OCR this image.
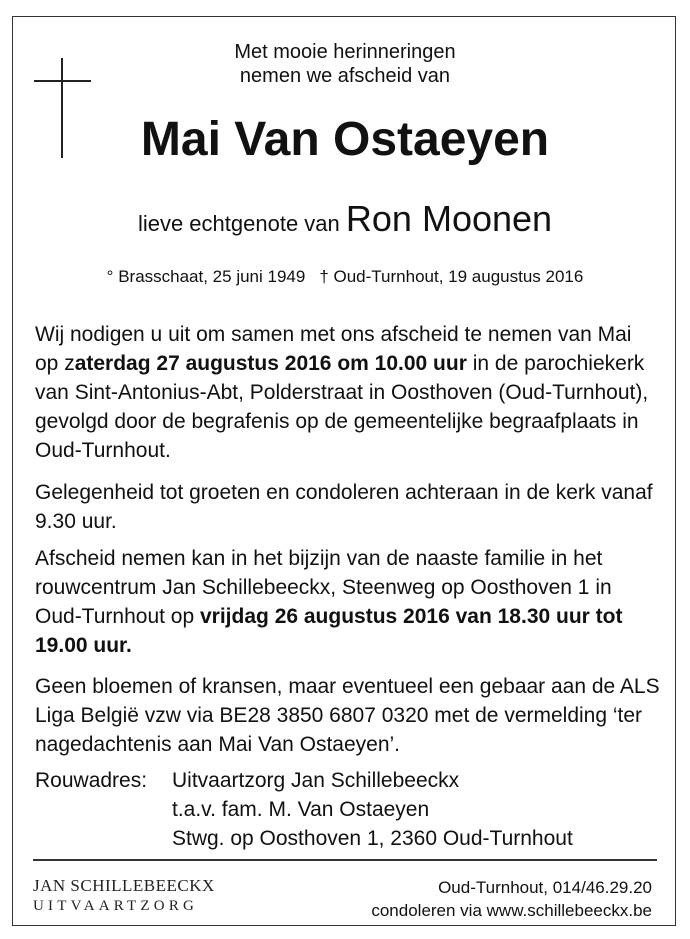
Met mooie herinneringen
nemen we afscheid van
Mai Van Ostaeyen
lieve echtgenote van Ron Moonen
° Brasschaat, 25 juni 1949 † Oud-Turnhout, 19 augustus 2016
Wij nodigen u uit om samen met ons afscheid te nemen van Mai op zaterdag 27 augustus 2016 om 10.00 uur in de parochiekerk van Sint-Antonius-Abt, Polderstraat in Oosthoven (Oud-Turnhout), gevolgd door de begrafenis op de gemeentelijke begraafplaats in Oud-Turnhout.
Gelegenheid tot groeten en condoleren achteraan in de kerk vanaf 9.30 uur.
Afscheid nemen kan in het bijzijn van de naaste familie in het rouwcentrum Jan Schillebeeckx, Steenweg op Oosthoven 1 in Oud-Turnhout op vrijdag 26 augustus 2016 van 18.30 uur tot 19.00 uur.
Geen bloemen of kransen, maar eventueel een gebaar aan de ALS Liga België vzw via BE28 3850 6807 0320 met de vermelding ‘ter nagedachtenis aan Mai Van Ostaeyen’.
Rouwadres: Uitvaartzorg Jan Schillebeeckx
t.a.v. fam. M. Van Ostaeyen
Stwg. op Oosthoven 1, 2360 Oud-Turnhout
JAN SCHILLEBEECKX
UITVAARTZORG
Oud-Turnhout, 014/46.29.20
condoleren via www.schillebeeckx.be
